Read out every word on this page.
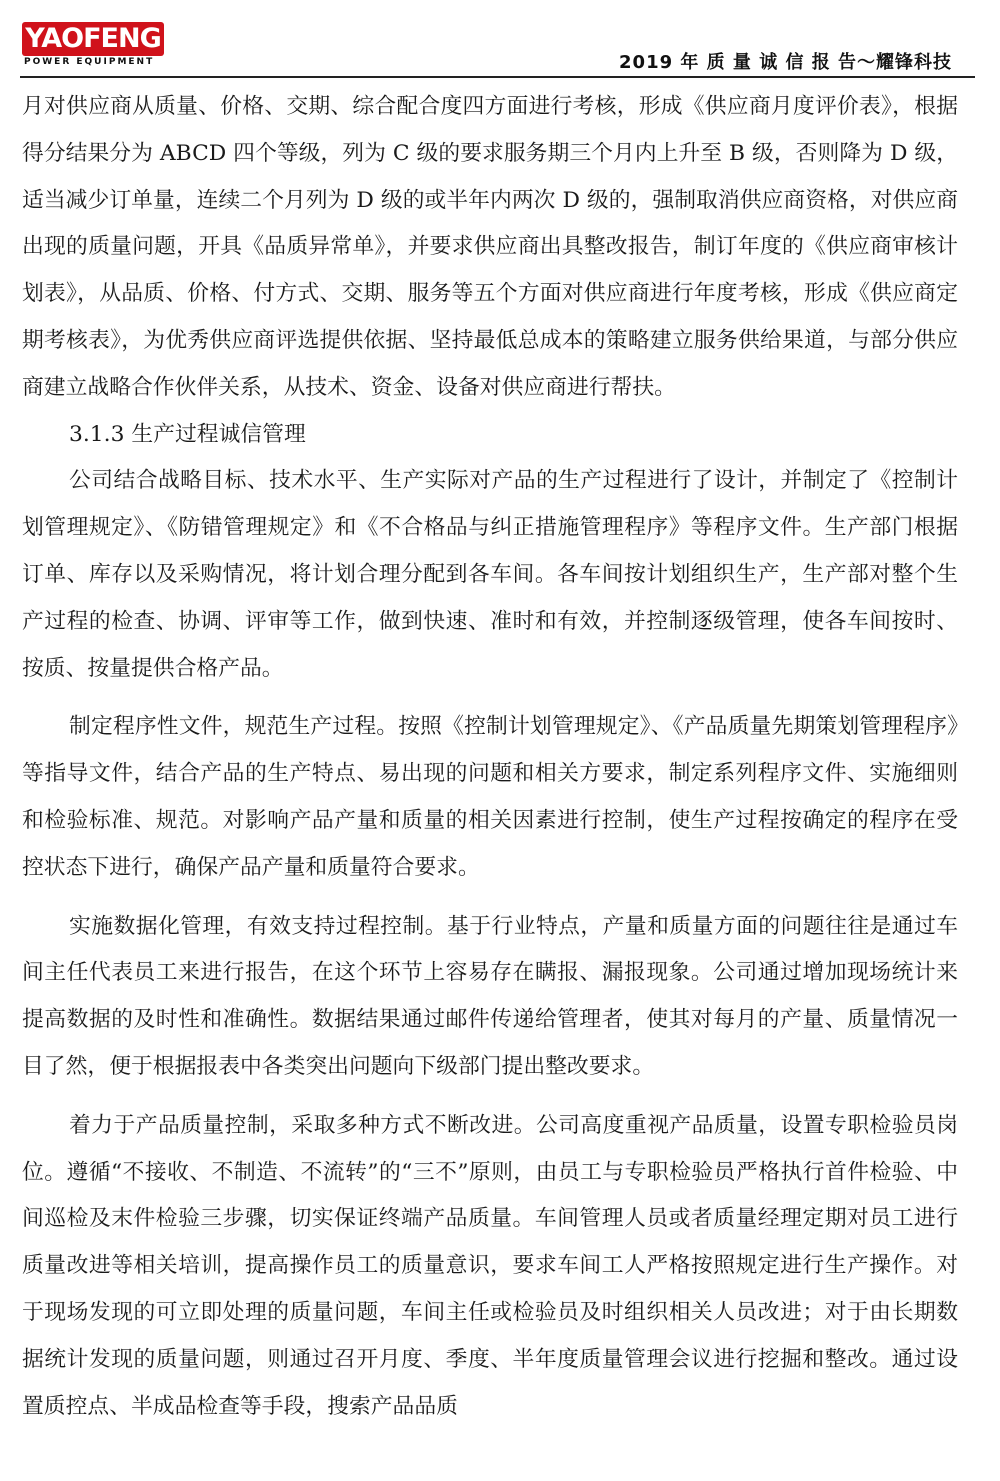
YAOFENG
POWER EQUIPMENT	2019 年 质 量 诚 信 报 告～耀锋科技

月对供应商从质量、价格、交期、综合配合度四方面进行考核，形成《供应商月度评价表》，根据得分结果分为 ABCD 四个等级，列为 C 级的要求服务期三个月内上升至 B 级，否则降为 D 级，适当减少订单量，连续二个月列为 D 级的或半年内两次 D 级的，强制取消供应商资格，对供应商出现的质量问题，开具《品质异常单》，并要求供应商出具整改报告，制订年度的《供应商审核计划表》，从品质、价格、付方式、交期、服务等五个方面对供应商进行年度考核，形成《供应商定期考核表》，为优秀供应商评选提供依据、坚持最低总成本的策略建立服务供给果道，与部分供应商建立战略合作伙伴关系，从技术、资金、设备对供应商进行帮扶。

3.1.3 生产过程诚信管理

公司结合战略目标、技术水平、生产实际对产品的生产过程进行了设计，并制定了《控制计划管理规定》、《防错管理规定》和《不合格品与纠正措施管理程序》等程序文件。生产部门根据订单、库存以及采购情况，将计划合理分配到各车间。各车间按计划组织生产，生产部对整个生产过程的检查、协调、评审等工作，做到快速、准时和有效，并控制逐级管理，使各车间按时、按质、按量提供合格产品。

制定程序性文件，规范生产过程。按照《控制计划管理规定》、《产品质量先期策划管理程序》等指导文件，结合产品的生产特点、易出现的问题和相关方要求，制定系列程序文件、实施细则和检验标准、规范。对影响产品产量和质量的相关因素进行控制，使生产过程按确定的程序在受控状态下进行，确保产品产量和质量符合要求。

实施数据化管理，有效支持过程控制。基于行业特点，产量和质量方面的问题往往是通过车间主任代表员工来进行报告，在这个环节上容易存在瞒报、漏报现象。公司通过增加现场统计来提高数据的及时性和准确性。数据结果通过邮件传递给管理者，使其对每月的产量、质量情况一目了然，便于根据报表中各类突出问题向下级部门提出整改要求。

着力于产品质量控制，采取多种方式不断改进。公司高度重视产品质量，设置专职检验员岗位。遵循“不接收、不制造、不流转”的“三不”原则，由员工与专职检验员严格执行首件检验、中间巡检及末件检验三步骤，切实保证终端产品质量。车间管理人员或者质量经理定期对员工进行质量改进等相关培训，提高操作员工的质量意识，要求车间工人严格按照规定进行生产操作。对于现场发现的可立即处理的质量问题，车间主任或检验员及时组织相关人员改进；对于由长期数据统计发现的质量问题，则通过召开月度、季度、半年度质量管理会议进行挖掘和整改。通过设置质控点、半成品检查等手段，搜索产品品质
